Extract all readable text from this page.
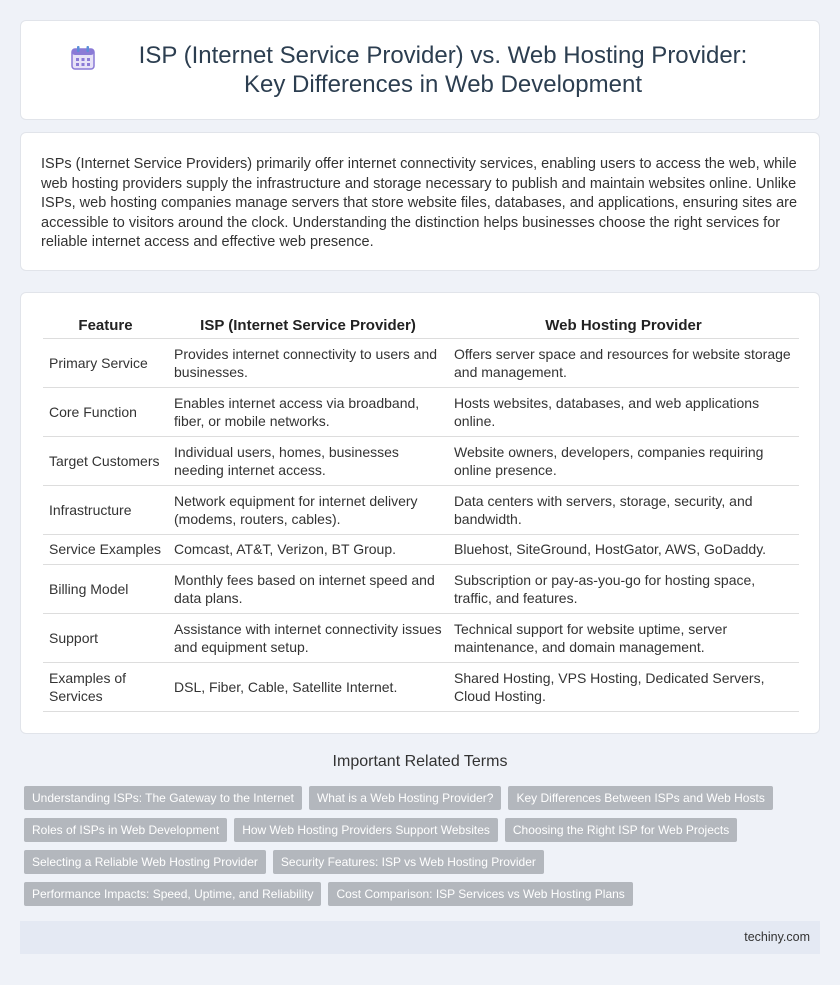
ISP (Internet Service Provider) vs. Web Hosting Provider: Key Differences in Web Development

ISPs (Internet Service Providers) primarily offer internet connectivity services, enabling users to access the web, while web hosting providers supply the infrastructure and storage necessary to publish and maintain websites online. Unlike ISPs, web hosting companies manage servers that store website files, databases, and applications, ensuring sites are accessible to visitors around the clock. Understanding the distinction helps businesses choose the right services for reliable internet access and effective web presence.

Feature	ISP (Internet Service Provider)	Web Hosting Provider
Primary Service	Provides internet connectivity to users and businesses.	Offers server space and resources for website storage and management.
Core Function	Enables internet access via broadband, fiber, or mobile networks.	Hosts websites, databases, and web applications online.
Target Customers	Individual users, homes, businesses needing internet access.	Website owners, developers, companies requiring online presence.
Infrastructure	Network equipment for internet delivery (modems, routers, cables).	Data centers with servers, storage, security, and bandwidth.
Service Examples	Comcast, AT&T, Verizon, BT Group.	Bluehost, SiteGround, HostGator, AWS, GoDaddy.
Billing Model	Monthly fees based on internet speed and data plans.	Subscription or pay-as-you-go for hosting space, traffic, and features.
Support	Assistance with internet connectivity issues and equipment setup.	Technical support for website uptime, server maintenance, and domain management.
Examples of Services	DSL, Fiber, Cable, Satellite Internet.	Shared Hosting, VPS Hosting, Dedicated Servers, Cloud Hosting.
Important Related Terms
Understanding ISPs: The Gateway to the Internet	What is a Web Hosting Provider?	Key Differences Between ISPs and Web Hosts
Roles of ISPs in Web Development	How Web Hosting Providers Support Websites	Choosing the Right ISP for Web Projects
Selecting a Reliable Web Hosting Provider	Security Features: ISP vs Web Hosting Provider
Performance Impacts: Speed, Uptime, and Reliability	Cost Comparison: ISP Services vs Web Hosting Plans
techiny.com
